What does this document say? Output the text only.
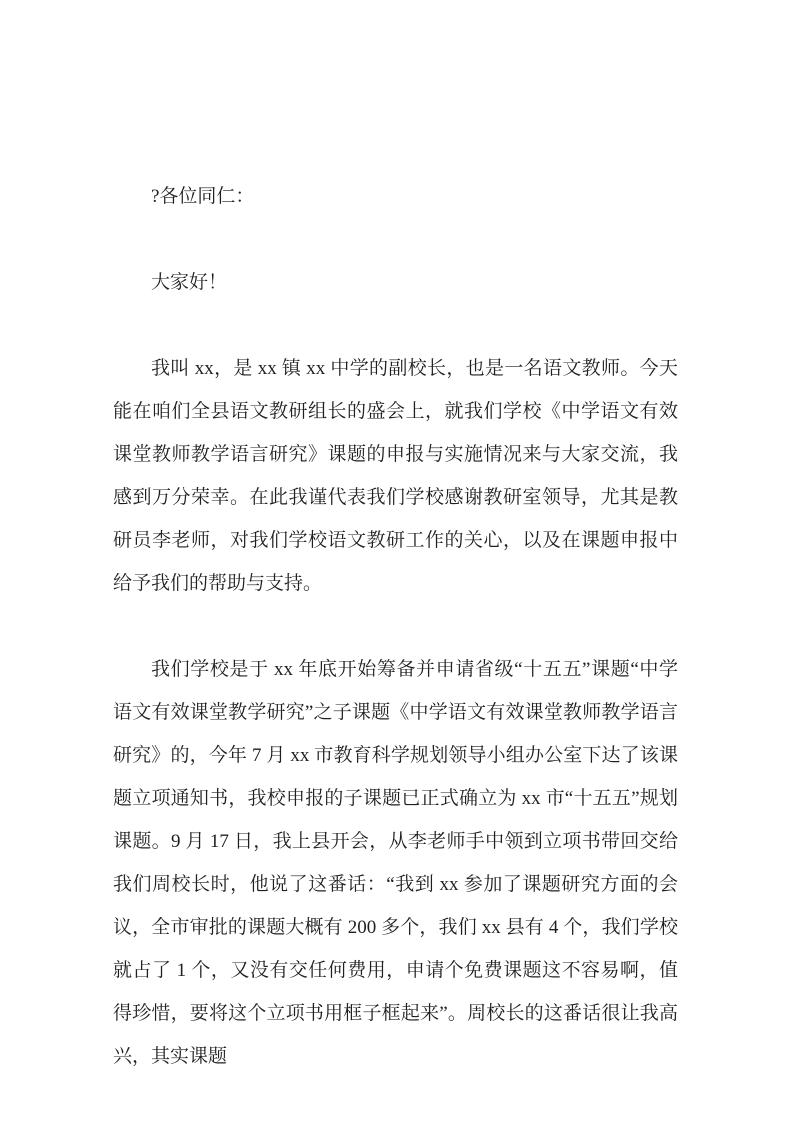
?各位同仁：

大家好！

我叫 xx，是 xx 镇 xx 中学的副校长，也是一名语文教师。今天能在咱们全县语文教研组长的盛会上，就我们学校《中学语文有效课堂教师教学语言研究》课题的申报与实施情况来与大家交流，我感到万分荣幸。在此我谨代表我们学校感谢教研室领导，尤其是教研员李老师，对我们学校语文教研工作的关心，以及在课题申报中给予我们的帮助与支持。

我们学校是于 xx 年底开始筹备并申请省级“十五五”课题“中学语文有效课堂教学研究”之子课题《中学语文有效课堂教师教学语言研究》的，今年 7 月 xx 市教育科学规划领导小组办公室下达了该课题立项通知书，我校申报的子课题已正式确立为 xx 市“十五五”规划课题。9 月 17 日，我上县开会，从李老师手中领到立项书带回交给我们周校长时，他说了这番话：“我到 xx 参加了课题研究方面的会议，全市审批的课题大概有 200 多个，我们 xx 县有 4 个，我们学校就占了 1 个，又没有交任何费用，申请个免费课题这不容易啊，值得珍惜，要将这个立项书用框子框起来”。周校长的这番话很让我高兴，其实课题
